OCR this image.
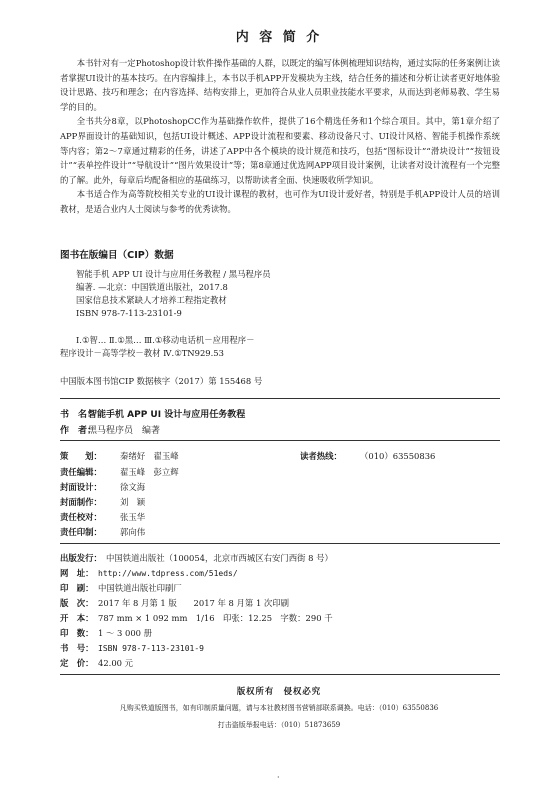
内 容 简 介

本书针对有一定Photoshop设计软件操作基础的人群，以既定的编写体例梳理知识结构，通过实际的任务案例让读者掌握UI设计的基本技巧。在内容编排上，本书以手机APP开发模块为主线，结合任务的描述和分析让读者更好地体验设计思路、技巧和理念；在内容选择、结构安排上，更加符合从业人员职业技能水平要求，从而达到老师易教、学生易学的目的。

全书共分8章，以PhotoshopCC作为基础操作软件，提供了16个精选任务和1个综合项目。其中，第1章介绍了APP界面设计的基础知识，包括UI设计概述、APP设计流程和要素、移动设备尺寸、UI设计风格、智能手机操作系统等内容；第2～7章通过精彩的任务，讲述了APP中各个模块的设计规范和技巧，包括“图标设计”“滑块设计”“按钮设计”“表单控件设计”“导航设计”“图片效果设计”等；第8章通过优选网APP项目设计案例，让读者对设计流程有一个完整的了解。此外，每章后均配备相应的基础练习，以帮助读者全面、快速吸收所学知识。

本书适合作为高等院校相关专业的UI设计课程的教材，也可作为UI设计爱好者，特别是手机APP设计人员的培训教材，是适合业内人士阅读与参考的优秀读物。

图书在版编目（CIP）数据
智能手机 APP UI 设计与应用任务教程 / 黑马程序员
编著. —北京：中国铁道出版社，2017.8
国家信息技术紧缺人才培养工程指定教材
ISBN 978-7-113-23101-9
Ⅰ.①智… Ⅱ.①黑… Ⅲ.①移动电话机－应用程序－
程序设计－高等学校－教材 Ⅳ.①TN929.53
中国版本图书馆CIP 数据核字（2017）第 155468 号
书　名：智能手机 APP UI 设计与应用任务教程
作　者：黑马程序员　编著
策　　划： 秦绪好　翟玉峰	读者热线： （010）63550836
责任编辑： 翟玉峰　彭立辉
封面设计： 徐文海
封面制作： 刘　颖
责任校对： 张玉华
责任印制： 郭向伟
出版发行： 中国铁道出版社（100054，北京市西城区右安门西街 8 号）
网　址： http://www.tdpress.com/51eds/
印　刷： 中国铁道出版社印刷厂
版　次： 2017 年 8 月第 1 版　　2017 年 8 月第 1 次印刷
开　本： 787 mm × 1 092 mm　1/16　印张：12.25　字数：290 千
印　数： 1 ～ 3 000 册
书　号： ISBN 978-7-113-23101-9
定　价： 42.00 元
版权所有　侵权必究
凡购买铁道版图书，如有印制质量问题，请与本社教材图书营销部联系调换。电话：（010）63550836
打击盗版举报电话：（010）51873659
·
